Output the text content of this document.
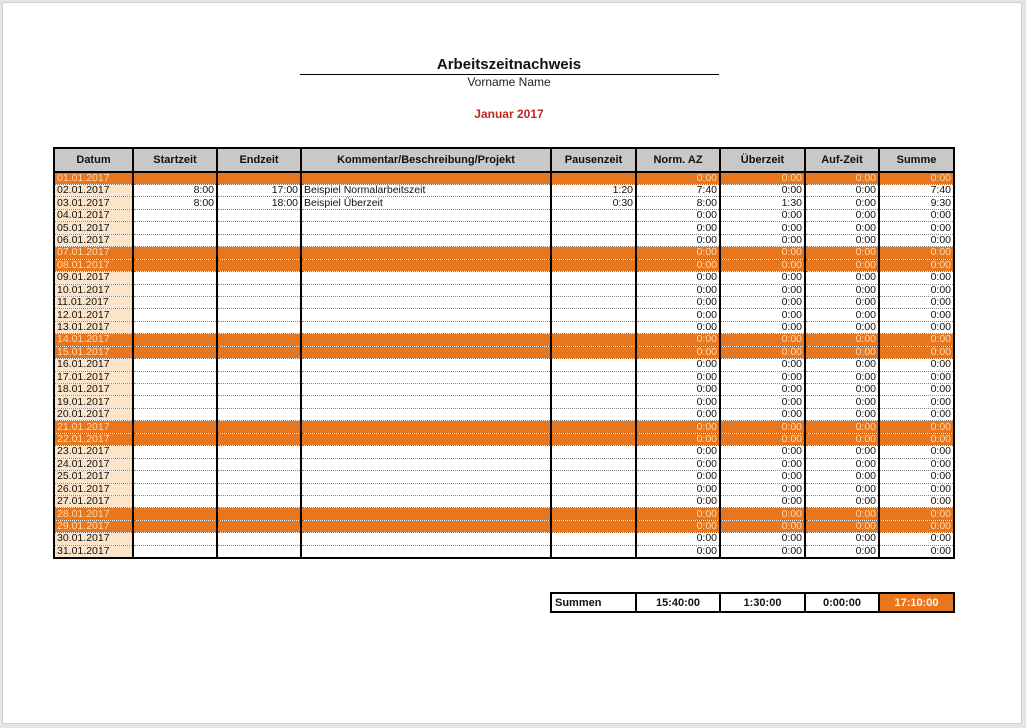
Arbeitszeitnachweis
Vorname Name
Januar 2017
Datum	Startzeit	Endzeit	Kommentar/Beschreibung/Projekt	Pausenzeit	Norm. AZ	Überzeit	Auf-Zeit	Summe
01.01.2017					0:00	0:00	0:00	0:00
02.01.2017	8:00	17:00	Beispiel Normalarbeitszeit	1:20	7:40	0:00	0:00	7:40
03.01.2017	8:00	18:00	Beispiel Überzeit	0:30	8:00	1:30	0:00	9:30
04.01.2017					0:00	0:00	0:00	0:00
05.01.2017					0:00	0:00	0:00	0:00
06.01.2017					0:00	0:00	0:00	0:00
07.01.2017					0:00	0:00	0:00	0:00
08.01.2017					0:00	0:00	0:00	0:00
09.01.2017					0:00	0:00	0:00	0:00
10.01.2017					0:00	0:00	0:00	0:00
11.01.2017					0:00	0:00	0:00	0:00
12.01.2017					0:00	0:00	0:00	0:00
13.01.2017					0:00	0:00	0:00	0:00
14.01.2017					0:00	0:00	0:00	0:00
15.01.2017					0:00	0:00	0:00	0:00
16.01.2017					0:00	0:00	0:00	0:00
17.01.2017					0:00	0:00	0:00	0:00
18.01.2017					0:00	0:00	0:00	0:00
19.01.2017					0:00	0:00	0:00	0:00
20.01.2017					0:00	0:00	0:00	0:00
21.01.2017					0:00	0:00	0:00	0:00
22.01.2017					0:00	0:00	0:00	0:00
23.01.2017					0:00	0:00	0:00	0:00
24.01.2017					0:00	0:00	0:00	0:00
25.01.2017					0:00	0:00	0:00	0:00
26.01.2017					0:00	0:00	0:00	0:00
27.01.2017					0:00	0:00	0:00	0:00
28.01.2017					0:00	0:00	0:00	0:00
29.01.2017					0:00	0:00	0:00	0:00
30.01.2017					0:00	0:00	0:00	0:00
31.01.2017					0:00	0:00	0:00	0:00
Summen	15:40:00	1:30:00	0:00:00	17:10:00
